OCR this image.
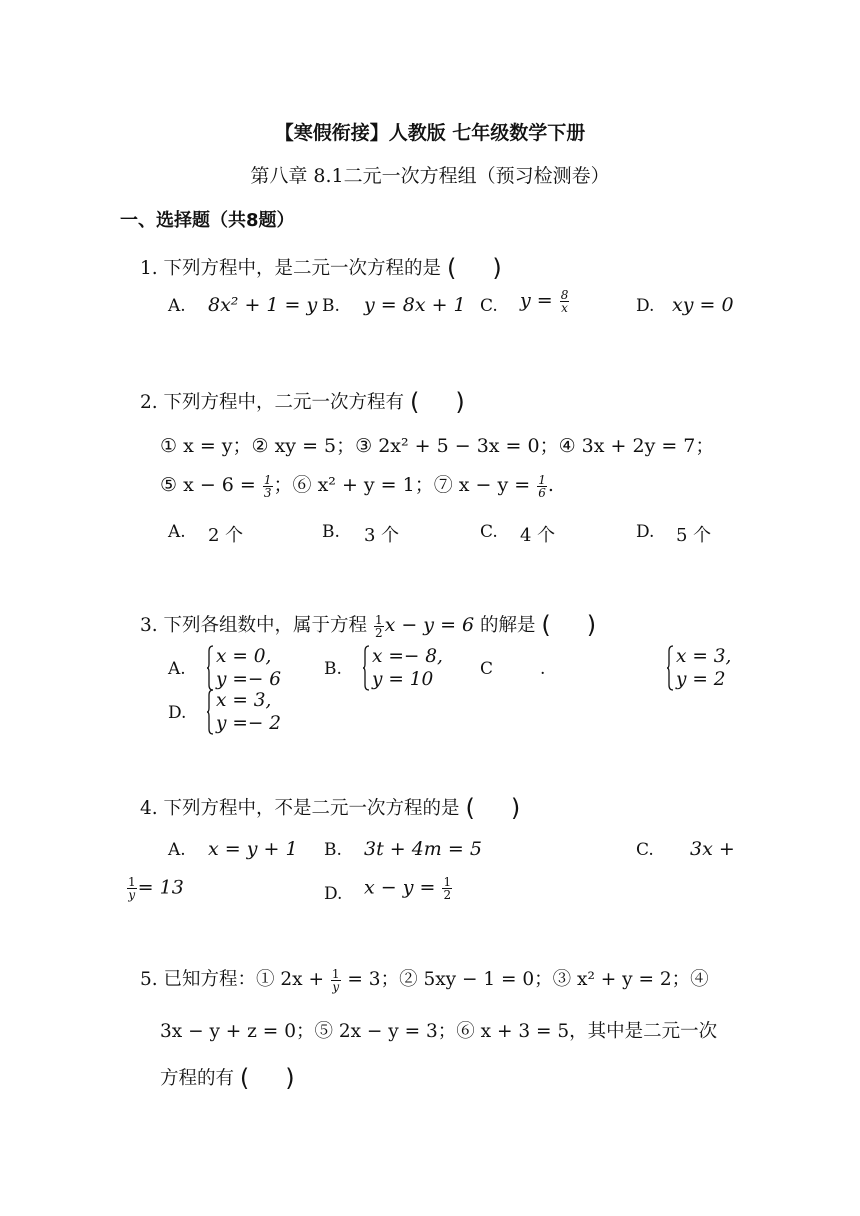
【寒假衔接】人教版 七年级数学下册
第八章 8.1二元一次方程组（预习检测卷）
一、选择题（共8题）
1. 下列方程中，是二元一次方程的是 ( )
A. 8x² + 1 = y B. y = 8x + 1 C. $y = \frac{8}{x}$	D. xy = 0
2. 下列方程中，二元一次方程有 ( )
① x = y；② xy = 5；③ 2x² + 5 − 3x = 0；④ 3x + 2y = 7；
⑤ $x - 6 = \frac{1}{3}$ ；⑥ x² + y = 1；⑦ $x - y = \frac{1}{6}$ .
A. 2 个	B. 3 个	C. 4 个	D. 5 个
3. 下列各组数中，属于方程 $\frac{1}{2}$ x − y = 6 的解是 ( )
A.
x = 0,
y =− 6	B.
x =− 8,
y = 10	C	.
x = 3,
y = 2
D.
x = 3,
y =− 2
4. 下列方程中，不是二元一次方程的是 ( )
A. x = y + 1 B. 3t + 4m = 5	C. 3x +
$\frac{1}{y} = 13$	D. $x - y = \frac{1}{2}$
5. 已知方程：① $2x + \frac{1}{y} = 3$；② 5xy − 1 = 0；③ x² + y = 2；④
3x − y + z = 0；⑤ 2x − y = 3；⑥ x + 3 = 5，其中是二元一次
方程的有 ( )
